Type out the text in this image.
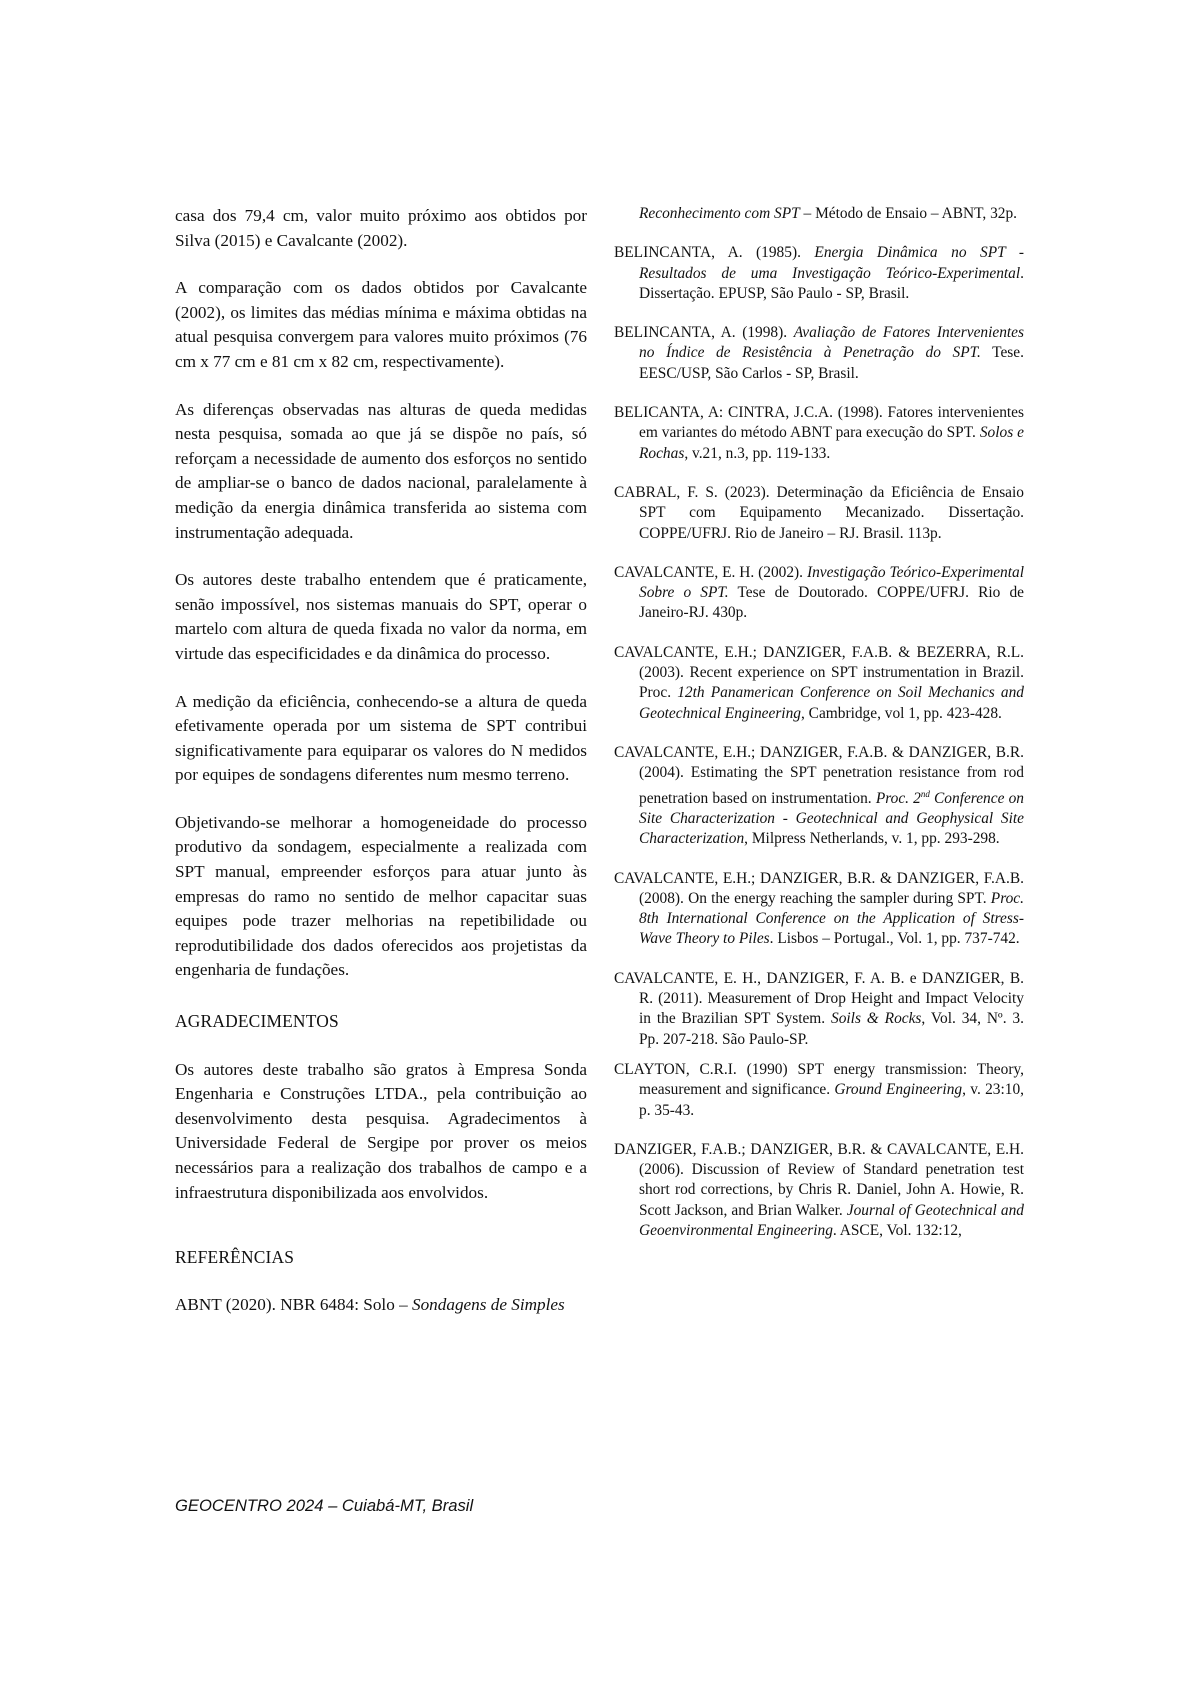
casa dos 79,4 cm, valor muito próximo aos obtidos por Silva (2015) e Cavalcante (2002).

A comparação com os dados obtidos por Cavalcante (2002), os limites das médias mínima e máxima obtidas na atual pesquisa convergem para valores muito próximos (76 cm x 77 cm e 81 cm x 82 cm, respectivamente).

As diferenças observadas nas alturas de queda medidas nesta pesquisa, somada ao que já se dispõe no país, só reforçam a necessidade de aumento dos esforços no sentido de ampliar-se o banco de dados nacional, paralelamente à medição da energia dinâmica transferida ao sistema com instrumentação adequada.

Os autores deste trabalho entendem que é praticamente, senão impossível, nos sistemas manuais do SPT, operar o martelo com altura de queda fixada no valor da norma, em virtude das especificidades e da dinâmica do processo.

A medição da eficiência, conhecendo-se a altura de queda efetivamente operada por um sistema de SPT contribui significativamente para equiparar os valores do N medidos por equipes de sondagens diferentes num mesmo terreno.

Objetivando-se melhorar a homogeneidade do processo produtivo da sondagem, especialmente a realizada com SPT manual, empreender esforços para atuar junto às empresas do ramo no sentido de melhor capacitar suas equipes pode trazer melhorias na repetibilidade ou reprodutibilidade dos dados oferecidos aos projetistas da engenharia de fundações.

AGRADECIMENTOS

Os autores deste trabalho são gratos à Empresa Sonda Engenharia e Construções LTDA., pela contribuição ao desenvolvimento desta pesquisa. Agradecimentos à Universidade Federal de Sergipe por prover os meios necessários para a realização dos trabalhos de campo e a infraestrutura disponibilizada aos envolvidos.

REFERÊNCIAS

ABNT (2020). NBR 6484: Solo – Sondagens de Simples

Reconhecimento com SPT – Método de Ensaio – ABNT, 32p.

BELINCANTA, A. (1985). Energia Dinâmica no SPT - Resultados de uma Investigação Teórico-Experimental. Dissertação. EPUSP, São Paulo - SP, Brasil.

BELINCANTA, A. (1998). Avaliação de Fatores Intervenientes no Índice de Resistência à Penetração do SPT. Tese. EESC/USP, São Carlos - SP, Brasil.

BELICANTA, A: CINTRA, J.C.A. (1998). Fatores intervenientes em variantes do método ABNT para execução do SPT. Solos e Rochas, v.21, n.3, pp. 119-133.

CABRAL, F. S. (2023). Determinação da Eficiência de Ensaio SPT com Equipamento Mecanizado. Dissertação. COPPE/UFRJ. Rio de Janeiro – RJ. Brasil. 113p.

CAVALCANTE, E. H. (2002). Investigação Teórico-Experimental Sobre o SPT. Tese de Doutorado. COPPE/UFRJ. Rio de Janeiro-RJ. 430p.

CAVALCANTE, E.H.; DANZIGER, F.A.B. & BEZERRA, R.L. (2003). Recent experience on SPT instrumentation in Brazil. Proc. 12th Panamerican Conference on Soil Mechanics and Geotechnical Engineering, Cambridge, vol 1, pp. 423-428.

CAVALCANTE, E.H.; DANZIGER, F.A.B. & DANZIGER, B.R. (2004). Estimating the SPT penetration resistance from rod penetration based on instrumentation. Proc. 2nd Conference on Site Characterization - Geotechnical and Geophysical Site Characterization, Milpress Netherlands, v. 1, pp. 293-298.

CAVALCANTE, E.H.; DANZIGER, B.R. & DANZIGER, F.A.B. (2008). On the energy reaching the sampler during SPT. Proc. 8th International Conference on the Application of Stress-Wave Theory to Piles. Lisbos – Portugal., Vol. 1, pp. 737-742.

CAVALCANTE, E. H., DANZIGER, F. A. B. e DANZIGER, B. R. (2011). Measurement of Drop Height and Impact Velocity in the Brazilian SPT System. Soils & Rocks, Vol. 34, Nº. 3. Pp. 207-218. São Paulo-SP.

CLAYTON, C.R.I. (1990) SPT energy transmission: Theory, measurement and significance. Ground Engineering, v. 23:10, p. 35-43.

DANZIGER, F.A.B.; DANZIGER, B.R. & CAVALCANTE, E.H. (2006). Discussion of Review of Standard penetration test short rod corrections, by Chris R. Daniel, John A. Howie, R. Scott Jackson, and Brian Walker. Journal of Geotechnical and Geoenvironmental Engineering. ASCE, Vol. 132:12,

GEOCENTRO 2024 – Cuiabá-MT, Brasil
